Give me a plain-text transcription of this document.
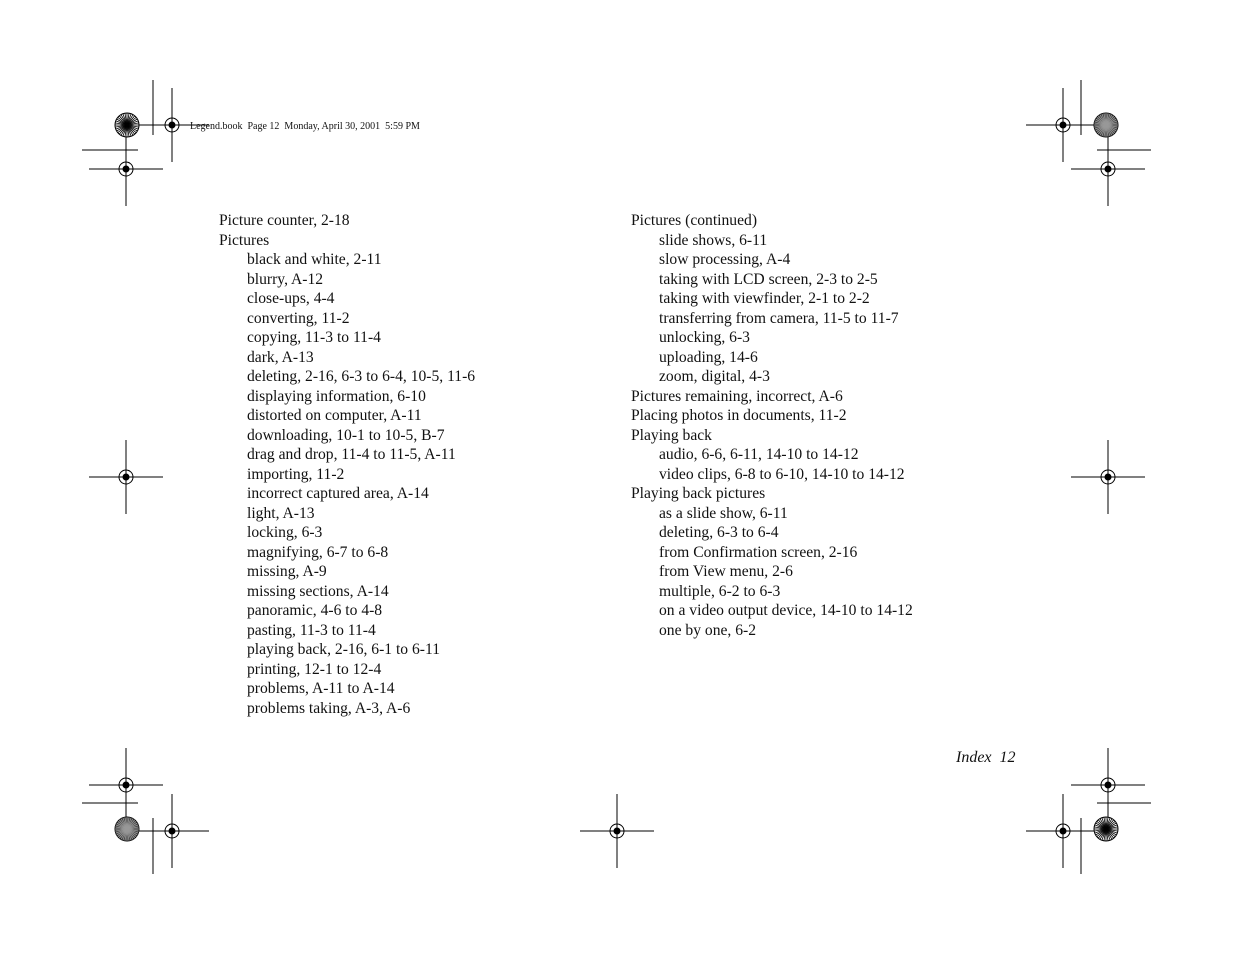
Legend.book  Page 12  Monday, April 30, 2001  5:59 PM
Picture counter, 2-18
Pictures
black and white, 2-11
blurry, A-12
close-ups, 4-4
converting, 11-2
copying, 11-3 to 11-4
dark, A-13
deleting, 2-16, 6-3 to 6-4, 10-5, 11-6
displaying information, 6-10
distorted on computer, A-11
downloading, 10-1 to 10-5, B-7
drag and drop, 11-4 to 11-5, A-11
importing, 11-2
incorrect captured area, A-14
light, A-13
locking, 6-3
magnifying, 6-7 to 6-8
missing, A-9
missing sections, A-14
panoramic, 4-6 to 4-8
pasting, 11-3 to 11-4
playing back, 2-16, 6-1 to 6-11
printing, 12-1 to 12-4
problems, A-11 to A-14
problems taking, A-3, A-6
Pictures (continued)
slide shows, 6-11
slow processing, A-4
taking with LCD screen, 2-3 to 2-5
taking with viewfinder, 2-1 to 2-2
transferring from camera, 11-5 to 11-7
unlocking, 6-3
uploading, 14-6
zoom, digital, 4-3
Pictures remaining, incorrect, A-6
Placing photos in documents, 11-2
Playing back
audio, 6-6, 6-11, 14-10 to 14-12
video clips, 6-8 to 6-10, 14-10 to 14-12
Playing back pictures
as a slide show, 6-11
deleting, 6-3 to 6-4
from Confirmation screen, 2-16
from View menu, 2-6
multiple, 6-2 to 6-3
on a video output device, 14-10 to 14-12
one by one, 6-2
Index  12
